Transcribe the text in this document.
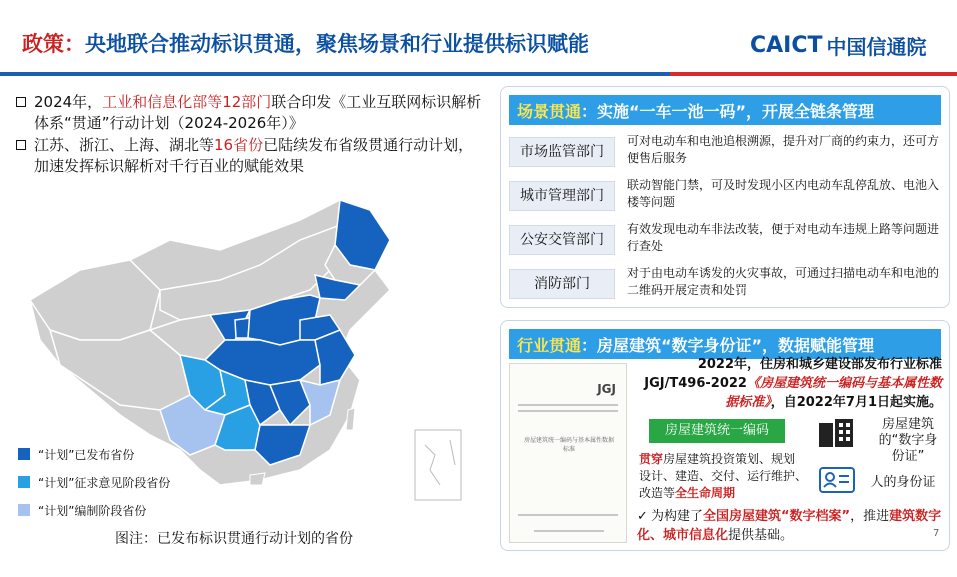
政策：央地联合推动标识贯通，聚焦场景和行业提供标识赋能	CAICT 中国信通院
2024年，工业和信息化部等12部门联合印发《工业互联网标识解析体系“贯通”行动计划（2024-2026年）》
江苏、浙江、上海、湖北等16省份已陆续发布省级贯通行动计划，加速发挥标识解析对千行百业的赋能效果
“计划”已发布省份
“计划”征求意见阶段省份
“计划”编制阶段省份
图注：已发布标识贯通行动计划的省份
场景贯通：实施“一车一池一码”，开展全链条管理
市场监管部门
可对电动车和电池追根溯源，提升对厂商的约束力，还可方便售后服务
城市管理部门
联动智能门禁，可及时发现小区内电动车乱停乱放、电池入楼等问题
公安交管部门
有效发现电动车非法改装，便于对电动车违规上路等问题进行查处
消防部门
对于由电动车诱发的火灾事故，可通过扫描电动车和电池的二维码开展定责和处罚
行业贯通：房屋建筑“数字身份证”，数据赋能管理
JGJ
房屋建筑统一编码与基本属性数据标准
2022年，住房和城乡建设部发布行业标准JGJ/T496-2022《房屋建筑统一编码与基本属性数据标准》，自2022年7月1日起实施。
房屋建筑统一编码
贯穿房屋建筑投资策划、规划设计、建造、交付、运行维护、改造等全生命周期
房屋建筑的“数字身份证”
人的身份证
✓ 为构建了全国房屋建筑“数字档案”，推进建筑数字化、城市信息化提供基础。	7
